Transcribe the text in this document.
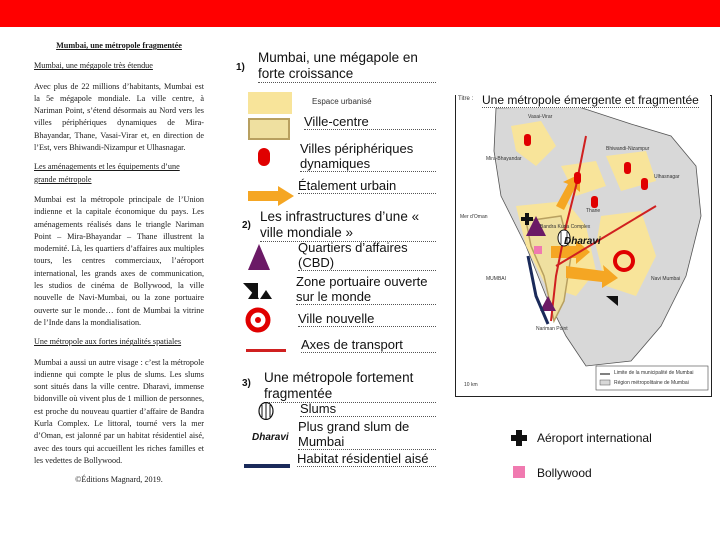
Mumbai, une métropole fragmentée

Mumbai, une mégapole très étendue

Avec plus de 22 millions d’habitants, Mumbai est la 5e mégapole mondiale. La ville centre, à Nariman Point, s’étend désormais au Nord vers les villes périphériques dynamiques de Mira-Bhayandar, Thane, Vasai-Virar et, en direction de l’Est, vers Bhiwandi-Nizampur et Ulhasnagar.

Les aménagements et les équipements d’une grande métropole

Mumbai est la métropole principale de l’Union indienne et la capitale économique du pays. Les aménagements réalisés dans le triangle Nariman Point – Mira-Bhayandar – Thane illustrent la modernité. Là, les quartiers d’affaires aux multiples tours, les centres commerciaux, l’aéroport international, les grands axes de communication, les studios de cinéma de Bollywood, la ville nouvelle de Navi-Mumbai, ou la zone portuaire ouverte sur le monde… font de Mumbai la vitrine de l’Inde dans la mondialisation.

Une métropole aux fortes inégalités spatiales

Mumbai a aussi un autre visage : c’est la métropole indienne qui compte le plus de slums. Les slums sont situés dans la ville centre. Dharavi, immense bidonville où vivent plus de 1 million de personnes, est proche du nouveau quartier d’affaire de Bandra Kurla Complex. Le littoral, tourné vers la mer d’Oman, est jalonné par un habitat résidentiel aisé, avec des tours qui accueillent les riches familles et les vedettes de Bollywood.

©Éditions Magnard, 2019.

1)
Mumbai, une mégapole en forte croissance
Espace urbanisé
Ville-centre
Villes périphériques dynamiques
Étalement urbain
2)
Les infrastructures d’une « ville mondiale »
Quartiers d’affaires (CBD)
Zone portuaire ouverte sur le monde
Ville nouvelle
Axes de transport
3) Une métropole fortement fragmentée
Slums
Dharavi
Plus grand slum de Mumbai
Habitat résidentiel aisé
Aéroport international
Bollywood
Limite de la municipalité de Mumbai
Région métropolitaine de Mumbai
Vasai-Virar
Mira-Bhayandar
Bhiwandi-Nizampur
Ulhasnagar
Thane
Mer d’Oman
Bandra Kurla Complex
Dharavi
MUMBAI	Navi Mumbai
Nariman Point
10 km
Titre : Une métropole émergente et fragmentée
